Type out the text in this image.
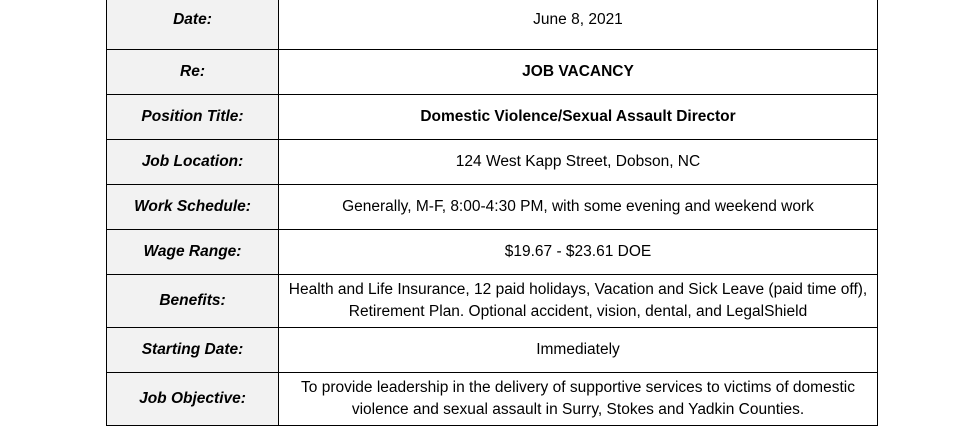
Date:	June 8, 2021
Re:	JOB VACANCY
Position Title:	Domestic Violence/Sexual Assault Director
Job Location:	124 West Kapp Street, Dobson, NC
Work Schedule:	Generally, M-F, 8:00-4:30 PM, with some evening and weekend work
Wage Range:	$19.67 - $23.61 DOE
Benefits:	Health and Life Insurance, 12 paid holidays, Vacation and Sick Leave (paid time off), Retirement Plan. Optional accident, vision, dental, and LegalShield
Starting Date:	Immediately
Job Objective:	To provide leadership in the delivery of supportive services to victims of domestic violence and sexual assault in Surry, Stokes and Yadkin Counties.
